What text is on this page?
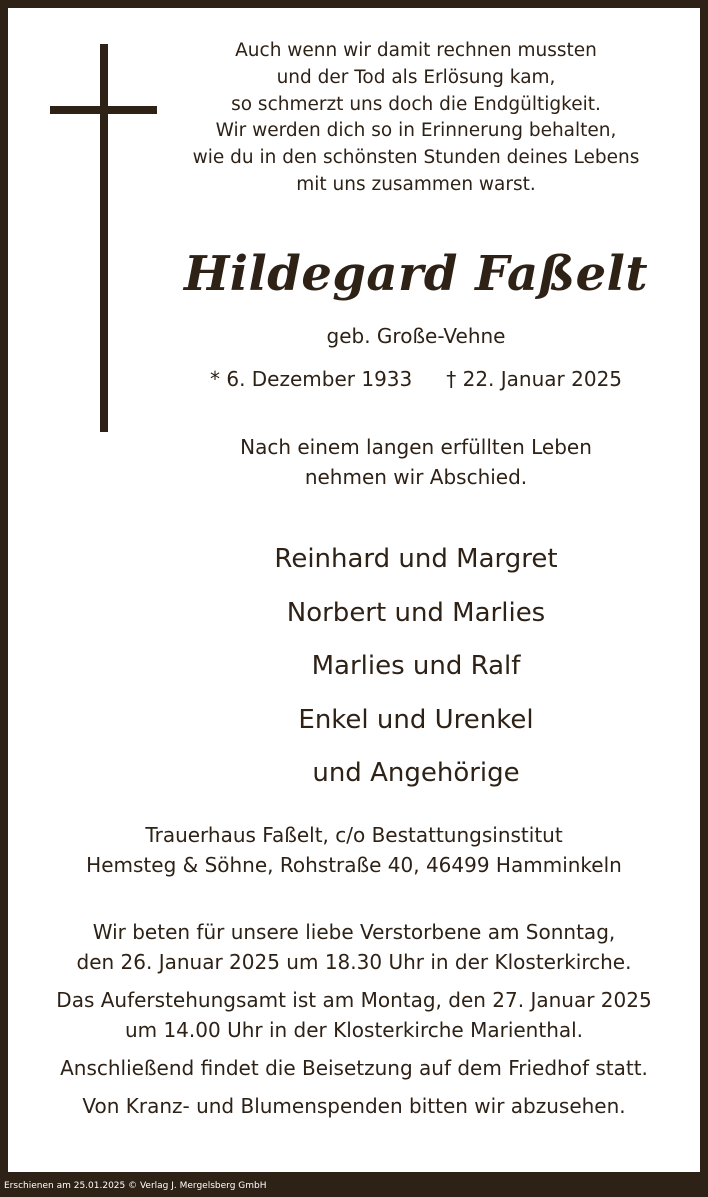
Auch wenn wir damit rechnen mussten
und der Tod als Erlösung kam,
so schmerzt uns doch die Endgültigkeit.
Wir werden dich so in Erinnerung behalten,
wie du in den schönsten Stunden deines Lebens
mit uns zusammen warst.
Hildegard Faßelt
geb. Große-Vehne
* 6. Dezember 1933 † 22. Januar 2025
Nach einem langen erfüllten Leben
nehmen wir Abschied.
Reinhard und Margret
Norbert und Marlies
Marlies und Ralf
Enkel und Urenkel
und Angehörige
Trauerhaus Faßelt, c/o Bestattungsinstitut
Hemsteg & Söhne, Rohstraße 40, 46499 Hamminkeln

Wir beten für unsere liebe Verstorbene am Sonntag,
den 26. Januar 2025 um 18.30 Uhr in der Klosterkirche.

Das Auferstehungsamt ist am Montag, den 27. Januar 2025
um 14.00 Uhr in der Klosterkirche Marienthal.

Anschließend findet die Beisetzung auf dem Friedhof statt.

Von Kranz- und Blumenspenden bitten wir abzusehen.

Erschienen am 25.01.2025 © Verlag J. Mergelsberg GmbH
